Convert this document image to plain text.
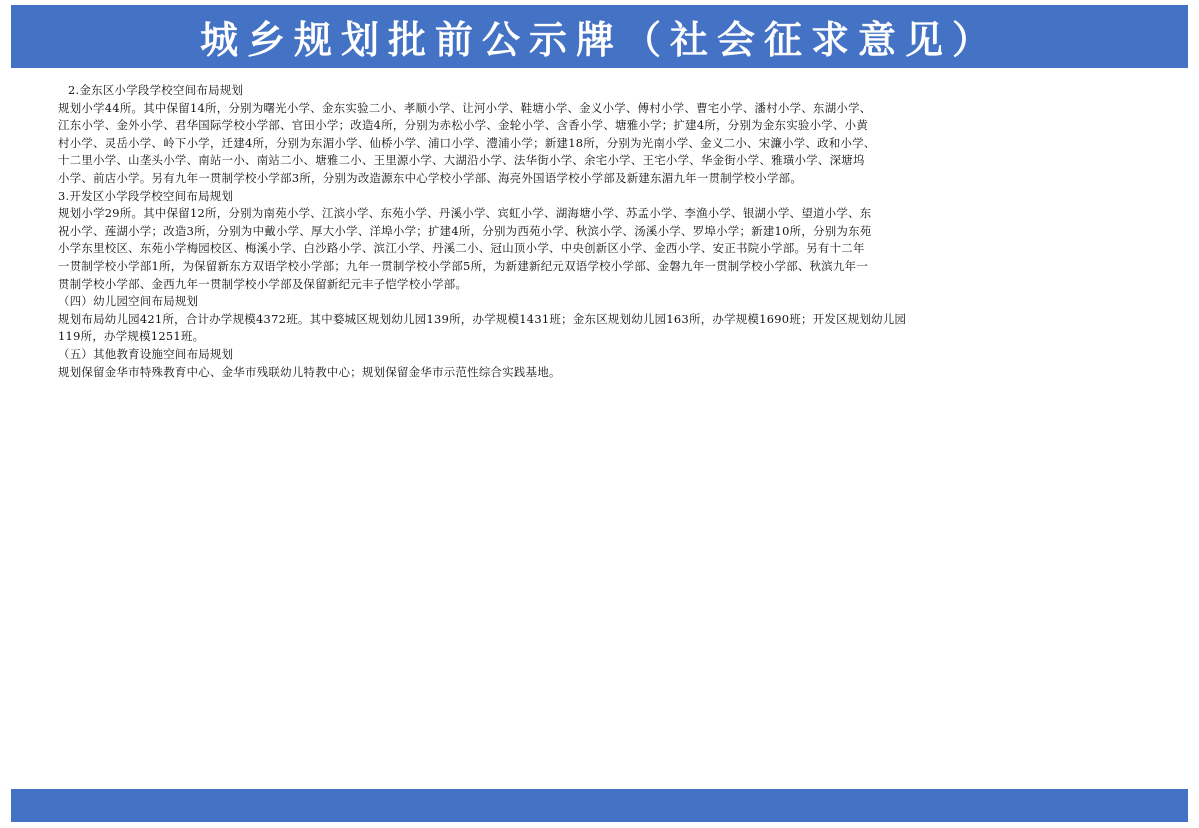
城乡规划批前公示牌（社会征求意见）
2.金东区小学段学校空间布局规划
规划小学44所。其中保留14所，分别为曙光小学、金东实验二小、孝顺小学、让河小学、鞋塘小学、金义小学、傅村小学、曹宅小学、潘村小学、东湖小学、
江东小学、金外小学、君华国际学校小学部、官田小学；改造4所，分别为赤松小学、金轮小学、含香小学、塘雅小学；扩建4所，分别为金东实验小学、小黄
村小学、灵岳小学、岭下小学，迁建4所，分别为东湄小学、仙桥小学、浦口小学、澧浦小学；新建18所，分别为光南小学、金义二小、宋濂小学、政和小学、
十二里小学、山垄头小学、南站一小、南站二小、塘雅二小、王里源小学、大湖沿小学、法华街小学、余宅小学、王宅小学、华金街小学、雅璜小学、深塘坞
小学、前店小学。另有九年一贯制学校小学部3所，分别为改造源东中心学校小学部、海亮外国语学校小学部及新建东湄九年一贯制学校小学部。
3.开发区小学段学校空间布局规划
规划小学29所。其中保留12所，分别为南苑小学、江滨小学、东苑小学、丹溪小学、宾虹小学、湖海塘小学、苏孟小学、李渔小学、银湖小学、望道小学、东
祝小学、莲湖小学；改造3所，分别为中戴小学、厚大小学、洋埠小学；扩建4所，分别为西苑小学、秋滨小学、汤溪小学、罗埠小学；新建10所，分别为东苑
小学东里校区、东苑小学梅园校区、梅溪小学、白沙路小学、滨江小学、丹溪二小、冠山顶小学、中央创新区小学、金西小学、安正书院小学部。另有十二年
一贯制学校小学部1所，为保留新东方双语学校小学部；九年一贯制学校小学部5所，为新建新纪元双语学校小学部、金磐九年一贯制学校小学部、秋滨九年一
贯制学校小学部、金西九年一贯制学校小学部及保留新纪元丰子恺学校小学部。
（四）幼儿园空间布局规划
规划布局幼儿园421所，合计办学规模4372班。其中婺城区规划幼儿园139所，办学规模1431班；金东区规划幼儿园163所，办学规模1690班；开发区规划幼儿园
119所，办学规模1251班。
（五）其他教育设施空间布局规划
规划保留金华市特殊教育中心、金华市残联幼儿特教中心；规划保留金华市示范性综合实践基地。
